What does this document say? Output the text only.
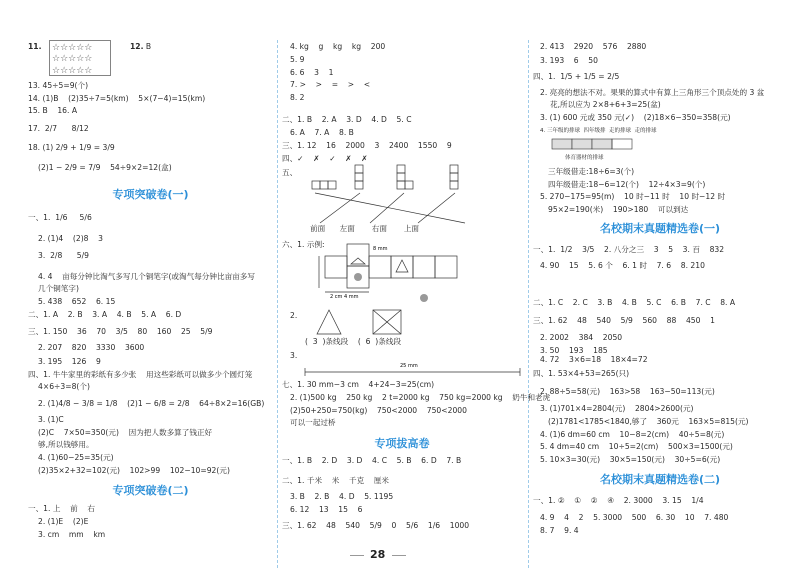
☆☆☆☆☆
☆☆☆☆☆
☆☆☆☆☆
11.	12. B
13. 45÷5=9(个)
14. (1)B    (2)35÷7=5(km)    5×(7−4)=15(km)
15. B    16. A
17.  2/7      8/12
18. (1) 2/9 + 1/9 = 3/9
(2)1 − 2/9 = 7/9    54÷9×2=12(盒)
专项突破卷(一)
一、1.  1/6     5/6
2. (1)4    (2)8    3
3.  2/8      5/9
4. 4    亩每分钟比淘气多写几个铜笔字(或淘气每分钟比亩亩多写
几个铜笔字)
5. 438    652    6. 15
二、1. A    2. B    3. A    4. B    5. A    6. D
三、1. 150    36    70    3/5    80    160    25    5/9
2. 207    820    3330    3600
3. 195    126    9
四、1. 牛牛家里的彩纸有多少张    用这些彩纸可以做多少个圆灯笼
4×6÷3=8(个)
2. (1)4/8 − 3/8 = 1/8    (2)1 − 6/8 = 2/8    64÷8×2=16(GB)
3. (1)C
(2)C    7×50=350(元)    因为把人数多算了钱正好
够,所以钱够用。
4. (1)60−25=35(元)
(2)35×2+32=102(元)    102>99    102−10=92(元)
专项突破卷(二)
一、1. 上    前    右
2. (1)E    (2)E
3. cm    mm    km
4. kg    g    kg    kg    200
5. 9
6. 6    3    1
7. >    >    =    >    <
8. 2
二、1. B    2. A    3. D    4. D    5. C
6. A    7. A    8. B
三、1. 12    16    2000    3    2400    1550    9
四、✓    ✗    ✓    ✗    ✗
五、
前面      左面       右面       上面
六、1. 示例:	8 mm
2 cm 4 mm
2.
(  3  )条线段    (  6  )条线段
3.
25 mm
七、1. 30 mm−3 cm    4+24−3=25(cm)
2. (1)500 kg    250 kg    2 t=2000 kg    750 kg=2000 kg    奶牛和老虎
(2)50+250=750(kg)    750<2000    750<2000
可以一起过桥
专项拔高卷
一、1. B    2. D    3. D    4. C    5. B    6. D    7. B
二、1. 千米    米    千克    厘米
3. B    2. B    4. D    5. 1195
6. 12    13    15    6
三、1. 62    48    540    5/9    0    5/6    1/6    1000
2. 413    2920    576    2880
3. 193    6    50
四、1.  1/5 + 1/5 = 2/5
2. 亮亮的想法不对。果果的算式中有算上三角形三个顶点处的 3 盆
花,所以应为 2×8+6+3=25(盆)
3. (1) 600 元或 350 元(✓)    (2)18×6−350=358(元)
4. 三年级的排球  四年级排  走的排球  走的排球
体育器材的排球
三年级借走:18÷6=3(个)
四年级借走:18−6=12(个)    12÷4×3=9(个)
5. 270−175=95(m)    10 时−11 时    10 时−12 时
95×2=190(米)    190>180    可以到达
名校期末真题精选卷(一)
一、1.  1/2    3/5    2. 八分之三    3    5    3. 百    832
4. 90    15    5. 6 个    6. 1 时    7. 6    8. 210
二、1. C    2. C    3. B    4. B    5. C    6. B    7. C    8. A
三、1. 62    48    540    5/9    560    88    450    1
2. 2002    384    2050
3. 50    193    185
4. 72    3×6=18    18×4=72
四、1. 53×4+53=265(只)
2. 88÷5=58(元)    163>58    163−50=113(元)
3. (1)701×4=2804(元)    2804>2600(元)
(2)1781<1785<1840,够了    360元    163×5=815(元)
4. (1)6 dm=60 cm    10−8=2(cm)    40÷5=8(元)
5. 4 dm=40 cm    10÷5=2(cm)    500×3=1500(元)
5. 10×3=30(元)    30×5=150(元)    30÷5=6(元)
名校期末真题精选卷(二)
一、1. ②    ①    ②    ④    2. 3000    3. 15    1/4
4. 9    4    2    5. 3000    500    6. 30    10    7. 480
8. 7    9. 4
28
